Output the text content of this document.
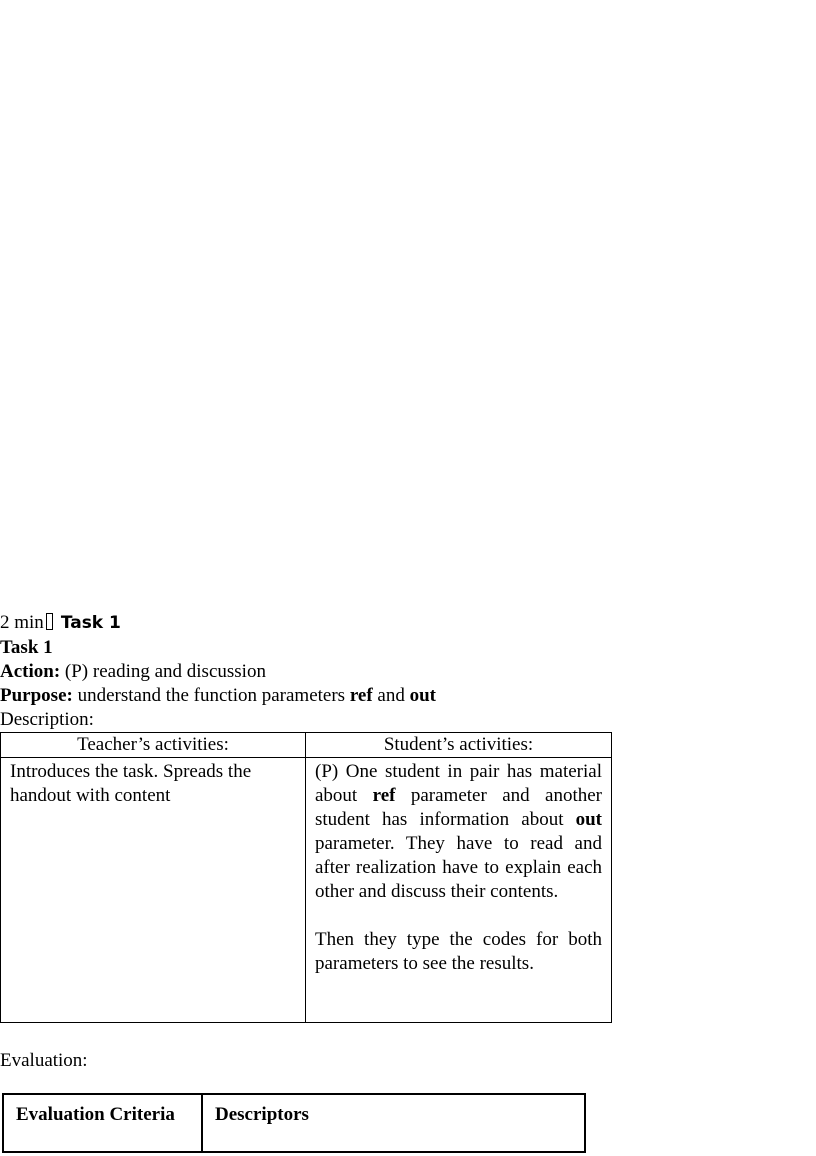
2 min Task 1
Task 1
Action: (P) reading and discussion
Purpose: understand the function parameters ref and out
Description:
Teacher’s activities:	Student’s activities:

Introduces the task. Spreads the handout with content	(P) One student in pair has material about ref parameter and another student has information about out parameter. They have to read and after realization have to explain each other and discuss their contents.

Then they type the codes for both parameters to see the results.

Evaluation:
Evaluation Criteria	Descriptors
